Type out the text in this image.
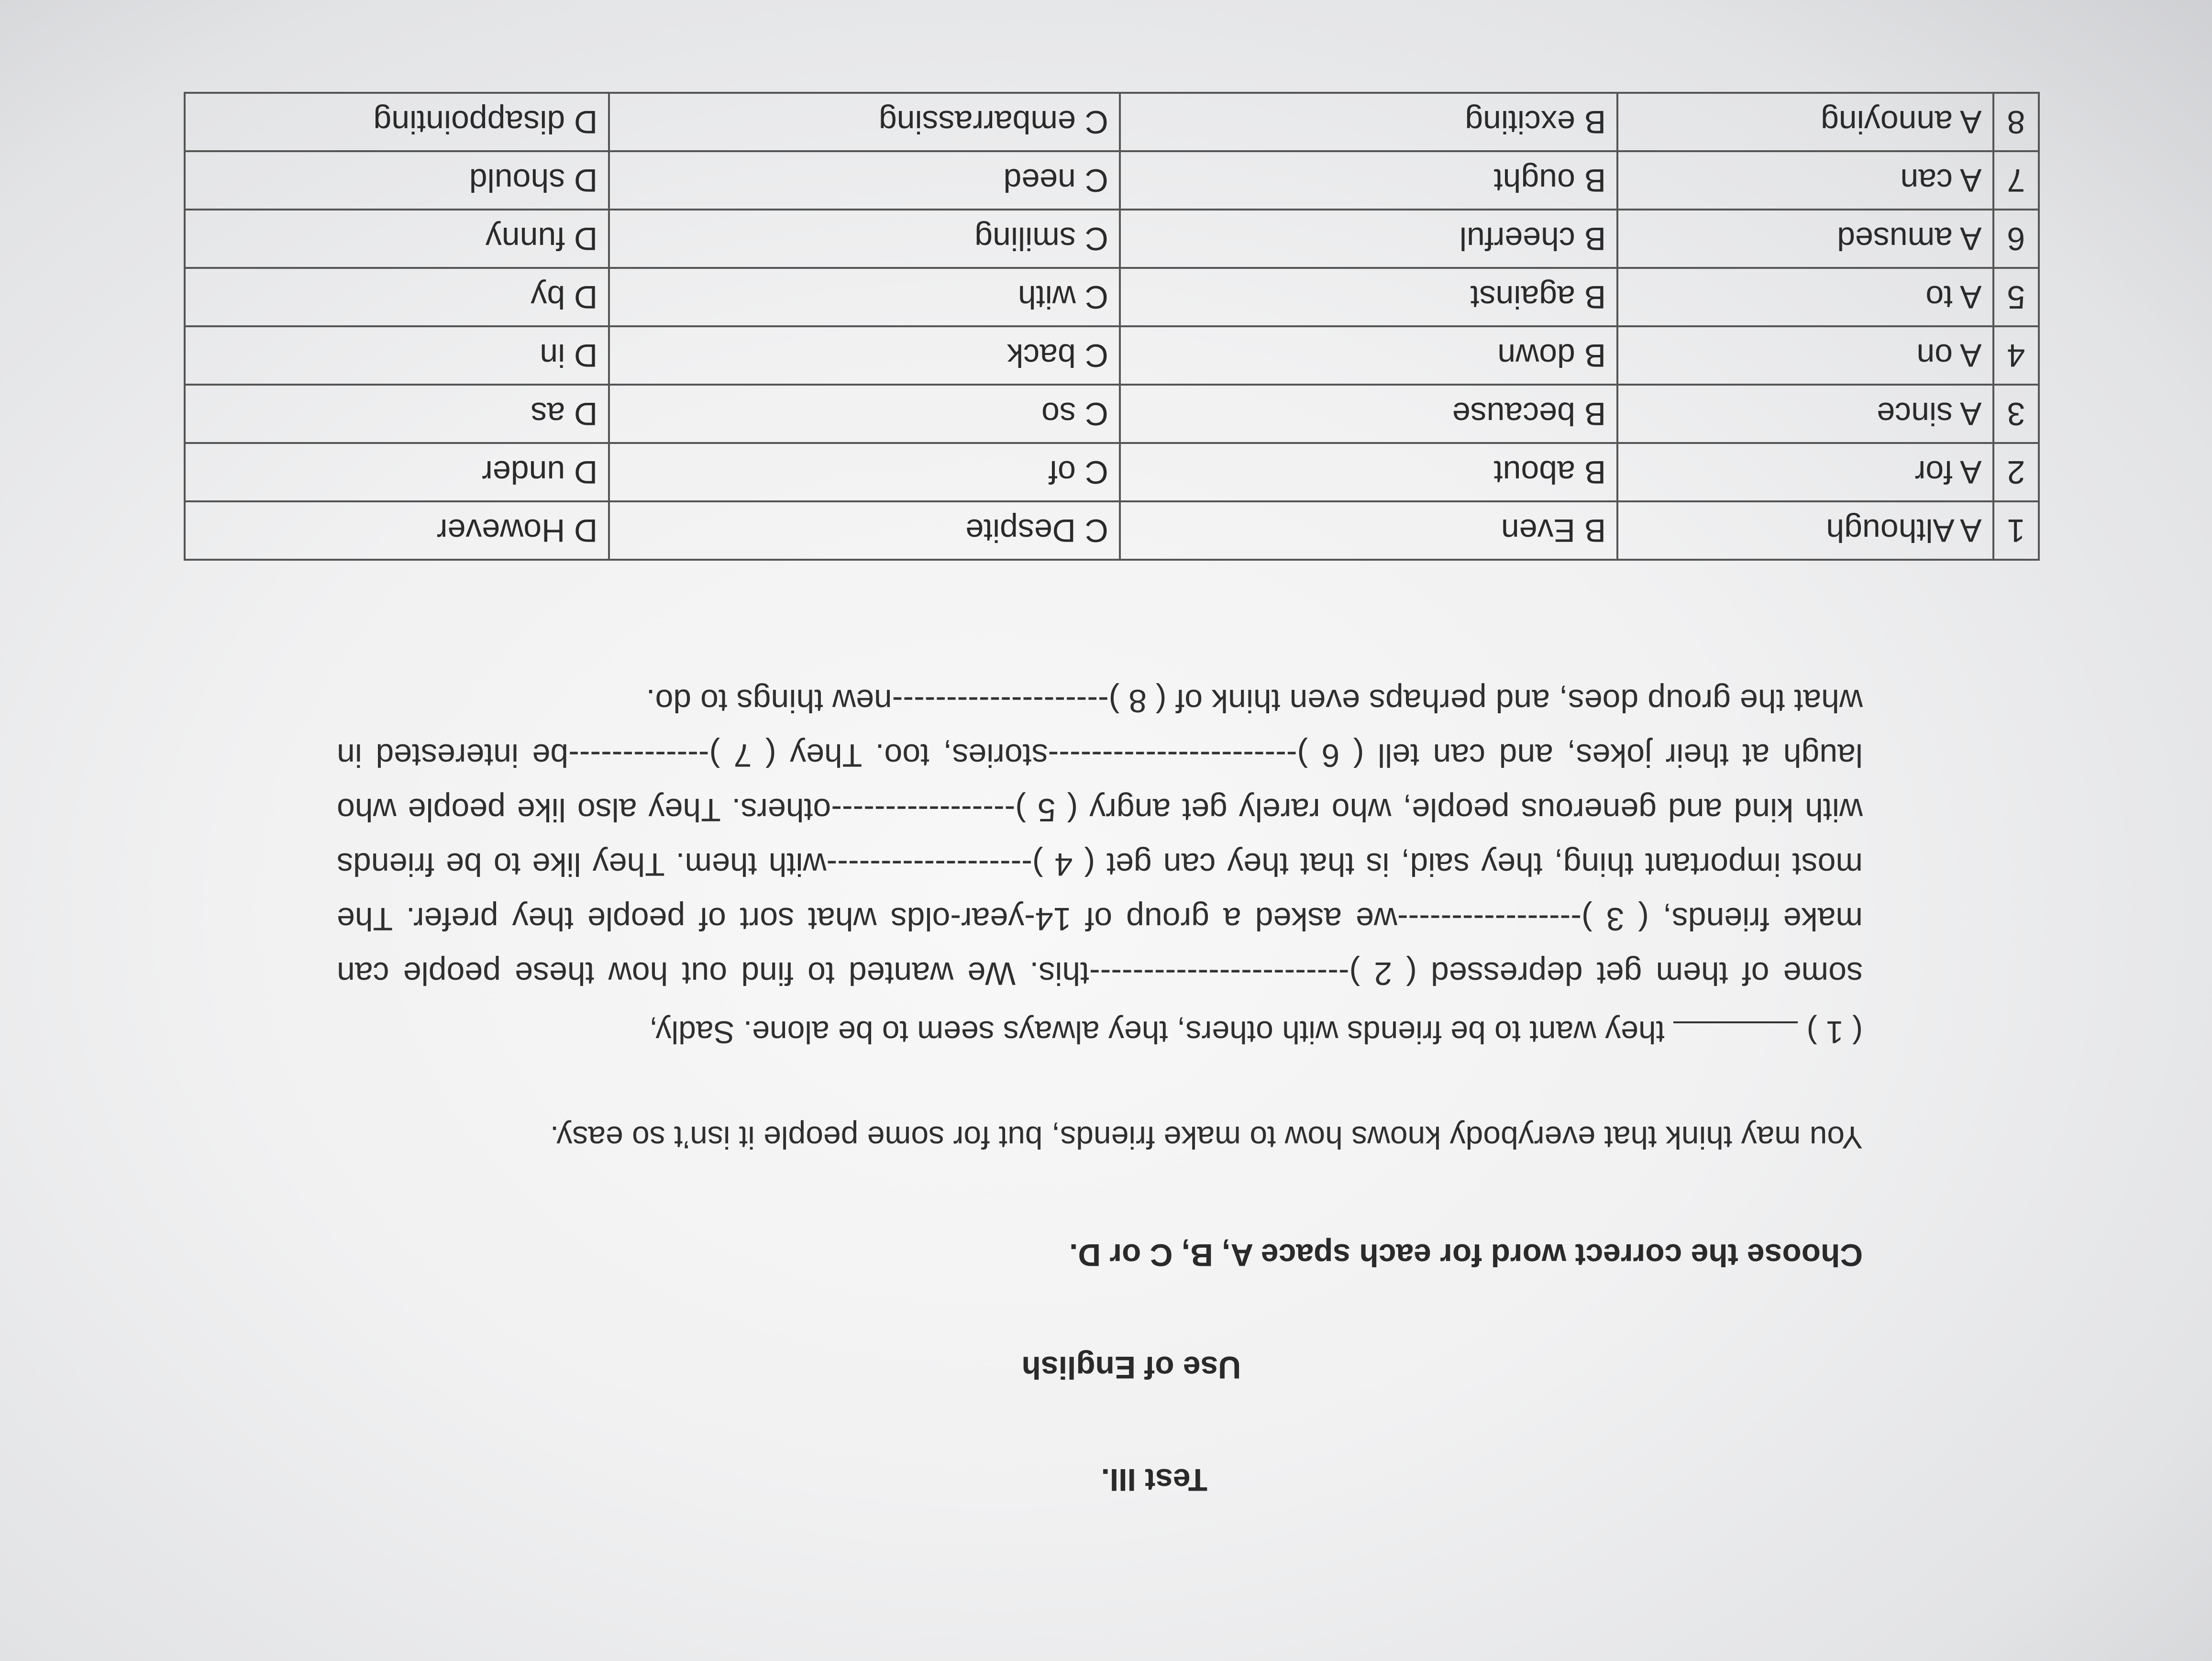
Test III.
Use of English
Choose the correct word for each space A, B, C or D.
You may think that everybody knows how to make friends, but for some people it isn’t so easy.
( 1 )  they want to be friends with others, they always seem to be alone. Sadly,
some of them get depressed ( 2 )------------------------this. We wanted to find out how these people can make friends, ( 3 )-----------------we asked a group of 14-year-olds what sort of people they prefer. The most important thing, they said, is that they can get ( 4 )-------------------with them. They like to be friends with kind and generous people, who rarely get angry ( 5 )-----------------others. They also like people who laugh at their jokes, and can tell ( 6 )-----------------------stories, too. They ( 7 )-------------be interested in what the group does, and perhaps even think of ( 8 )--------------------new things to do.
1	A Although	B Even	C Despite	D However
2	A for	B about	C of	D under
3	A since	B because	C so	D as
4	A on	B down	C back	D in
5	A to	B against	C with	D by
6	A amused	B cheerful	C smiling	D funny
7	A can	B ought	C need	D should
8	A annoying	B exciting	C embarrassing	D disappointing
